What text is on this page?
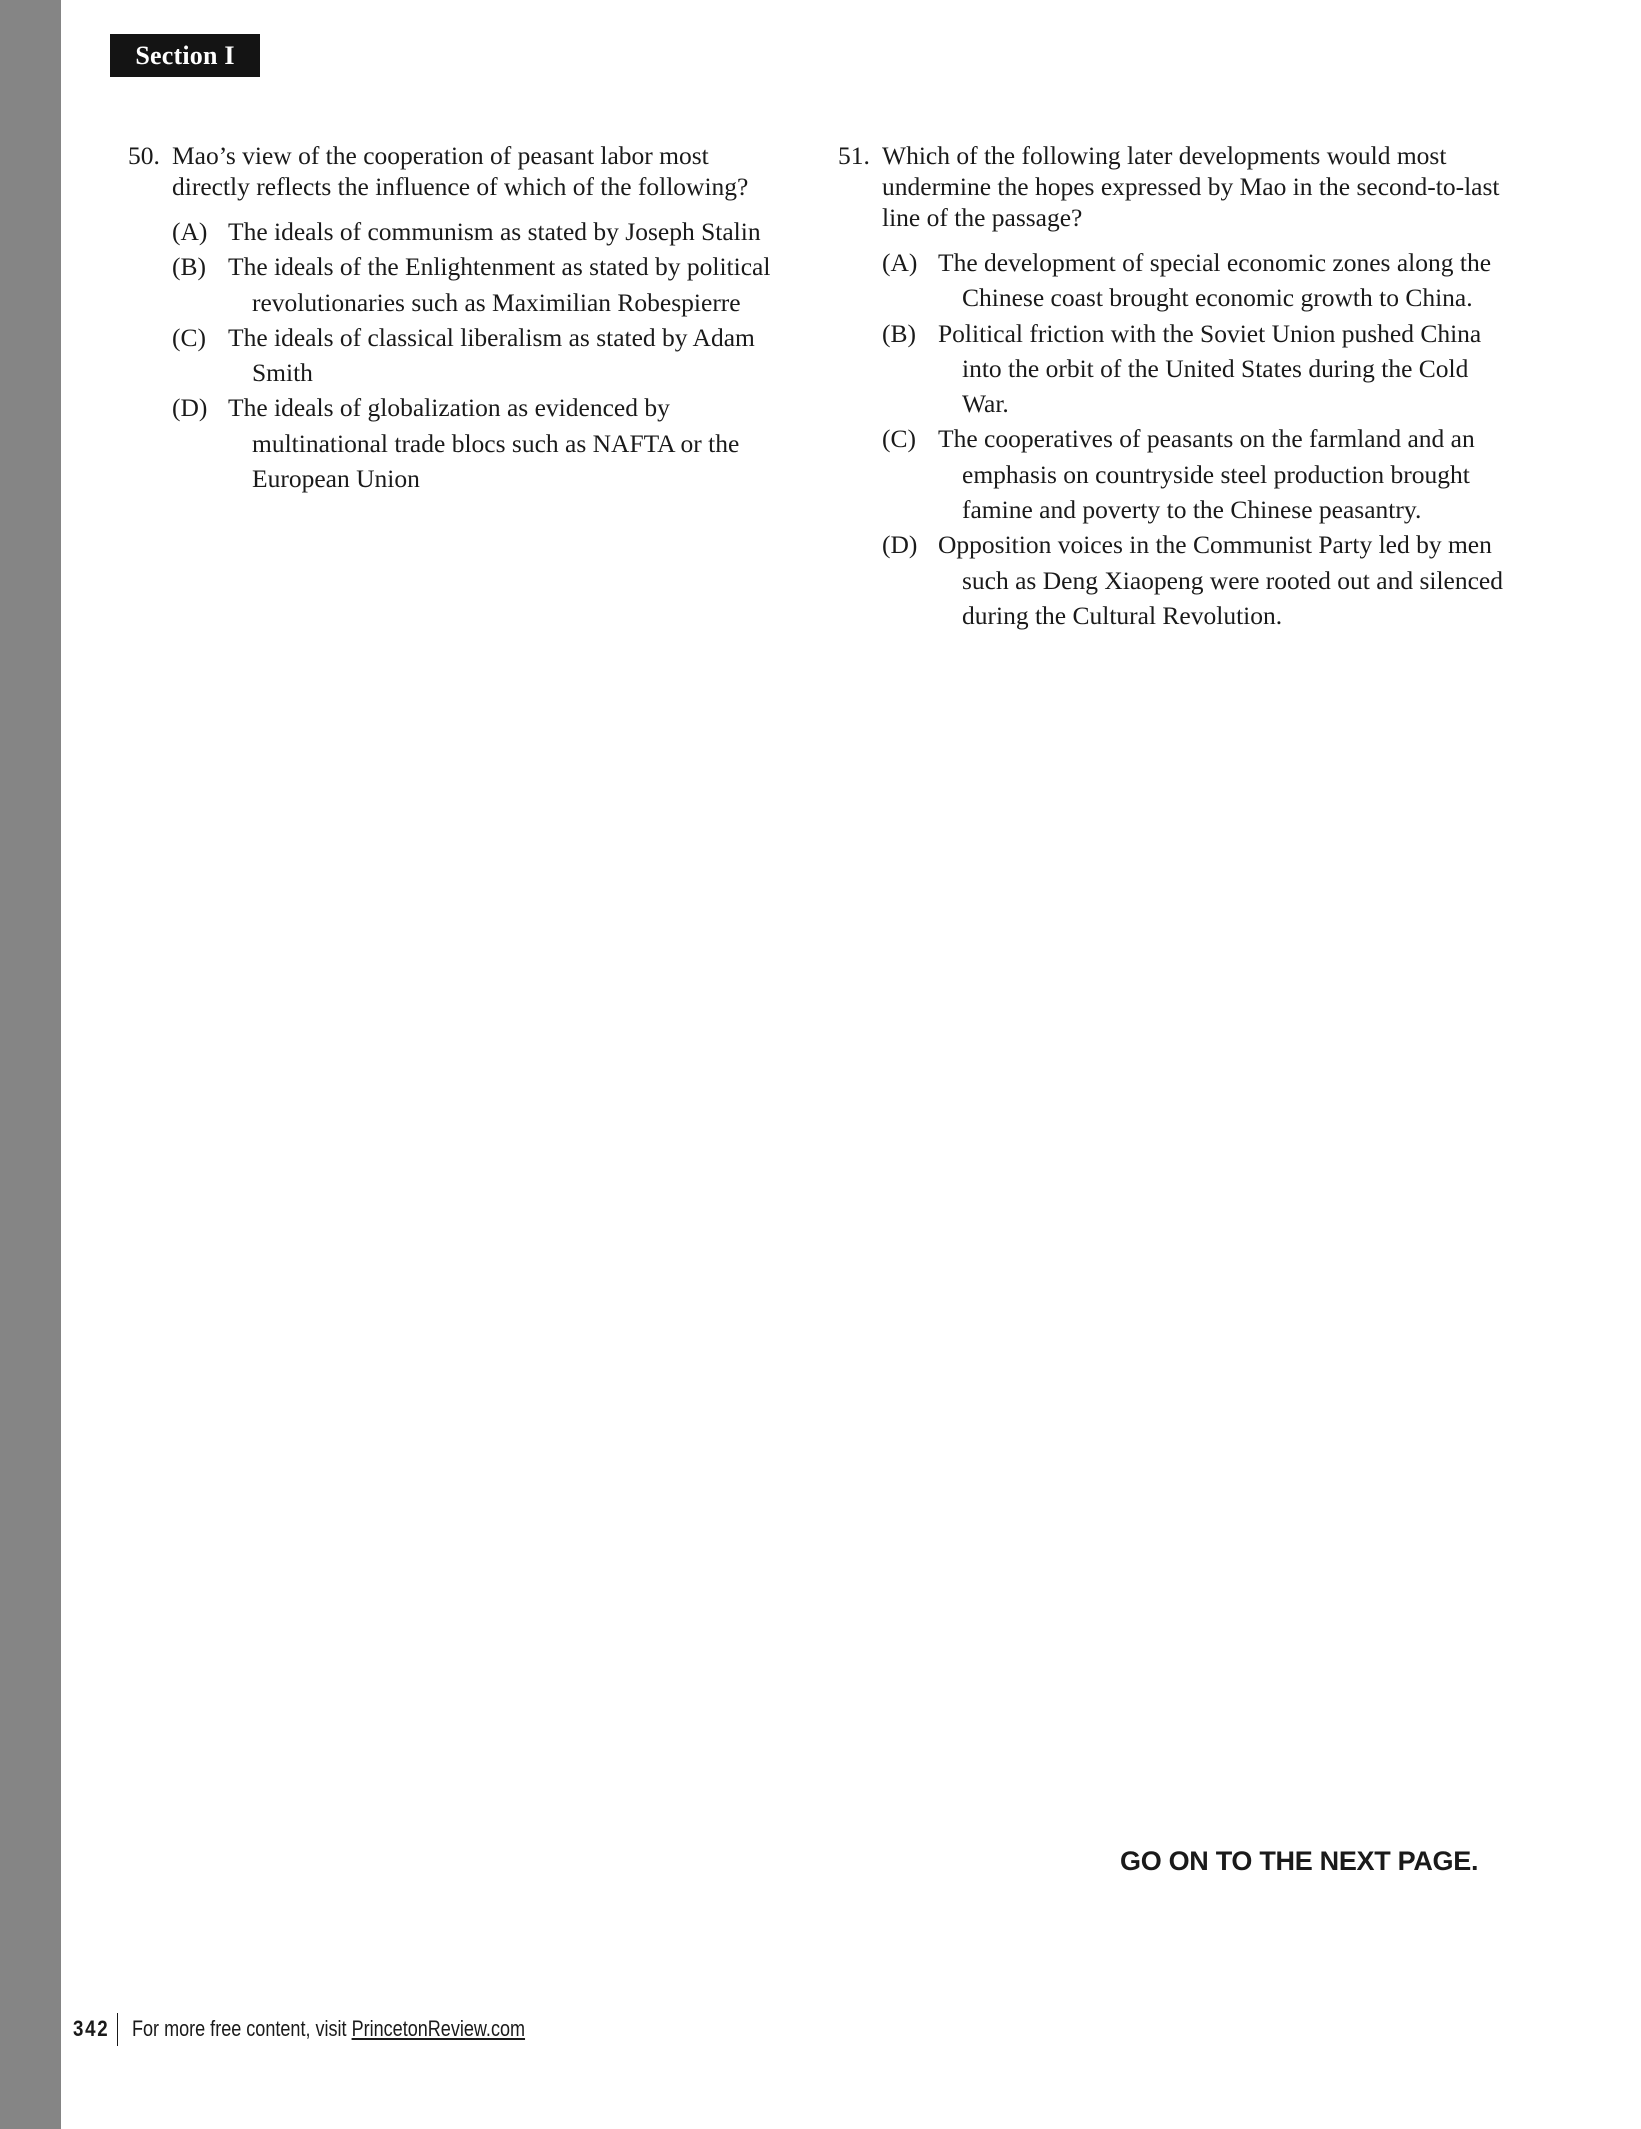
Section I
50. Mao’s view of the cooperation of peasant labor most directly reflects the influence of which of the following?
(A) The ideals of communism as stated by Joseph Stalin
(B) The ideals of the Enlightenment as stated by political revolutionaries such as Maximilian Robespierre
(C) The ideals of classical liberalism as stated by Adam Smith
(D) The ideals of globalization as evidenced by multinational trade blocs such as NAFTA or the European Union
51. Which of the following later developments would most undermine the hopes expressed by Mao in the second-to-last line of the passage?
(A) The development of special economic zones along the Chinese coast brought economic growth to China.
(B) Political friction with the Soviet Union pushed China into the orbit of the United States during the Cold War.
(C) The cooperatives of peasants on the farmland and an emphasis on countryside steel production brought famine and poverty to the Chinese peasantry.
(D) Opposition voices in the Communist Party led by men such as Deng Xiaopeng were rooted out and silenced during the Cultural Revolution.
GO ON TO THE NEXT PAGE.
342 For more free content, visit PrincetonReview.com
